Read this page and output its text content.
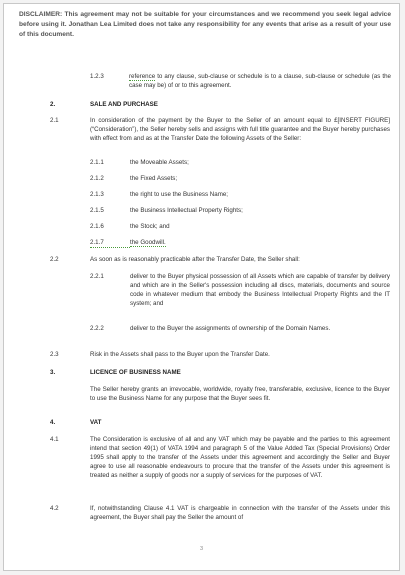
DISCLAIMER: This agreement may not be suitable for your circumstances and we recommend you seek legal advice before using it. Jonathan Lea Limited does not take any responsibility for any events that arise as a result of your use of this document.
1.2.3	reference to any clause, sub-clause or schedule is to a clause, sub-clause or schedule (as the case may be) of or to this agreement.
2.	SALE AND PURCHASE
2.1	In consideration of the payment by the Buyer to the Seller of an amount equal to £[INSERT FIGURE] (“Consideration”), the Seller hereby sells and assigns with full title guarantee and the Buyer hereby purchases with effect from and as at the Transfer Date the following Assets of the Seller:
2.1.1	the Moveable Assets;
2.1.2	the Fixed Assets;
2.1.3	the right to use the Business Name;
2.1.5	the Business Intellectual Property Rights;
2.1.6	the Stock; and
2.1.7	the Goodwill.
2.2	As soon as is reasonably practicable after the Transfer Date, the Seller shall:
2.2.1	deliver to the Buyer physical possession of all Assets which are capable of transfer by delivery and which are in the Seller's possession including all discs, materials, documents and source code in whatever medium that embody the Business Intellectual Property Rights and the IT system; and
2.2.2	deliver to the Buyer the assignments of ownership of the Domain Names.
2.3	Risk in the Assets shall pass to the Buyer upon the Transfer Date.
3.	LICENCE OF BUSINESS NAME
The Seller hereby grants an irrevocable, worldwide, royalty free, transferable, exclusive, licence to the Buyer to use the Business Name for any purpose that the Buyer sees fit.
4.	VAT
4.1	The Consideration is exclusive of all and any VAT which may be payable and the parties to this agreement intend that section 49(1) of VATA 1994 and paragraph 5 of the Value Added Tax (Special Provisions) Order 1995 shall apply to the transfer of the Assets under this agreement and accordingly the Seller and Buyer agree to use all reasonable endeavours to procure that the transfer of the Assets under this agreement is treated as neither a supply of goods nor a supply of services for the purposes of VAT.
4.2	If, notwithstanding Clause 4.1 VAT is chargeable in connection with the transfer of the Assets under this agreement, the Buyer shall pay the Seller the amount of
3
